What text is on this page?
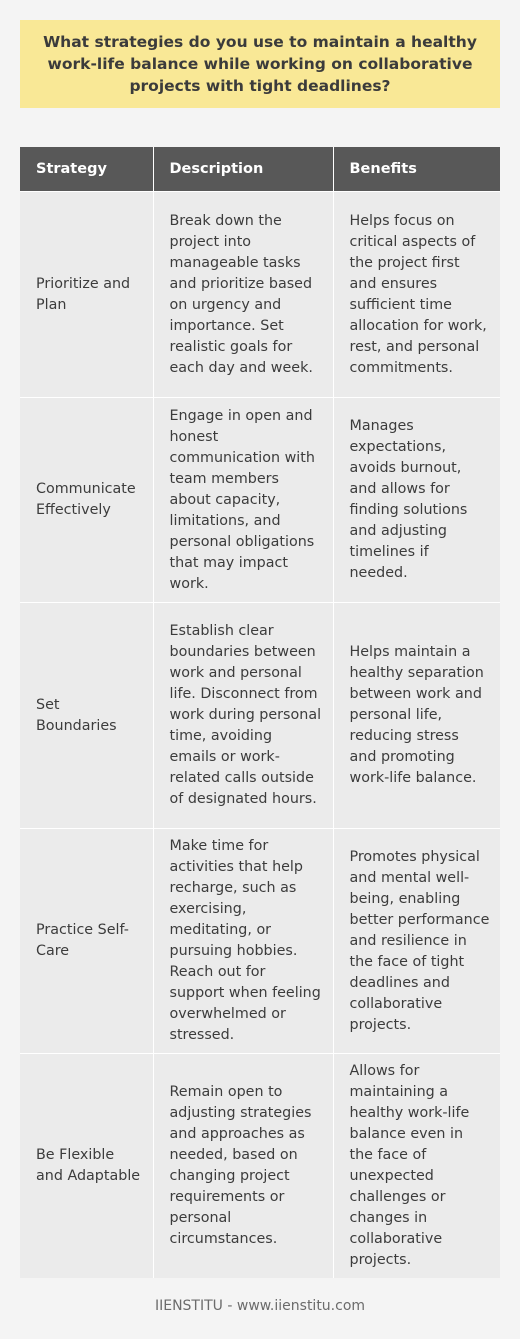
What strategies do you use to maintain a healthy work-life balance while working on collaborative projects with tight deadlines?
Strategy	Description	Benefits
Prioritize and Plan	Break down the project into manageable tasks and prioritize based on urgency and importance. Set realistic goals for each day and week.	Helps focus on critical aspects of the project first and ensures sufficient time allocation for work, rest, and personal commitments.
Communicate Effectively	Engage in open and honest communication with team members about capacity, limitations, and personal obligations that may impact work.	Manages expectations, avoids burnout, and allows for finding solutions and adjusting timelines if needed.
Set Boundaries	Establish clear boundaries between work and personal life. Disconnect from work during personal time, avoiding emails or work-related calls outside of designated hours.	Helps maintain a healthy separation between work and personal life, reducing stress and promoting work-life balance.
Practice Self-Care	Make time for activities that help recharge, such as exercising, meditating, or pursuing hobbies. Reach out for support when feeling overwhelmed or stressed.	Promotes physical and mental well-being, enabling better performance and resilience in the face of tight deadlines and collaborative projects.
Be Flexible and Adaptable	Remain open to adjusting strategies and approaches as needed, based on changing project requirements or personal circumstances.	Allows for maintaining a healthy work-life balance even in the face of unexpected challenges or changes in collaborative projects.
IIENSTITU - www.iienstitu.com
